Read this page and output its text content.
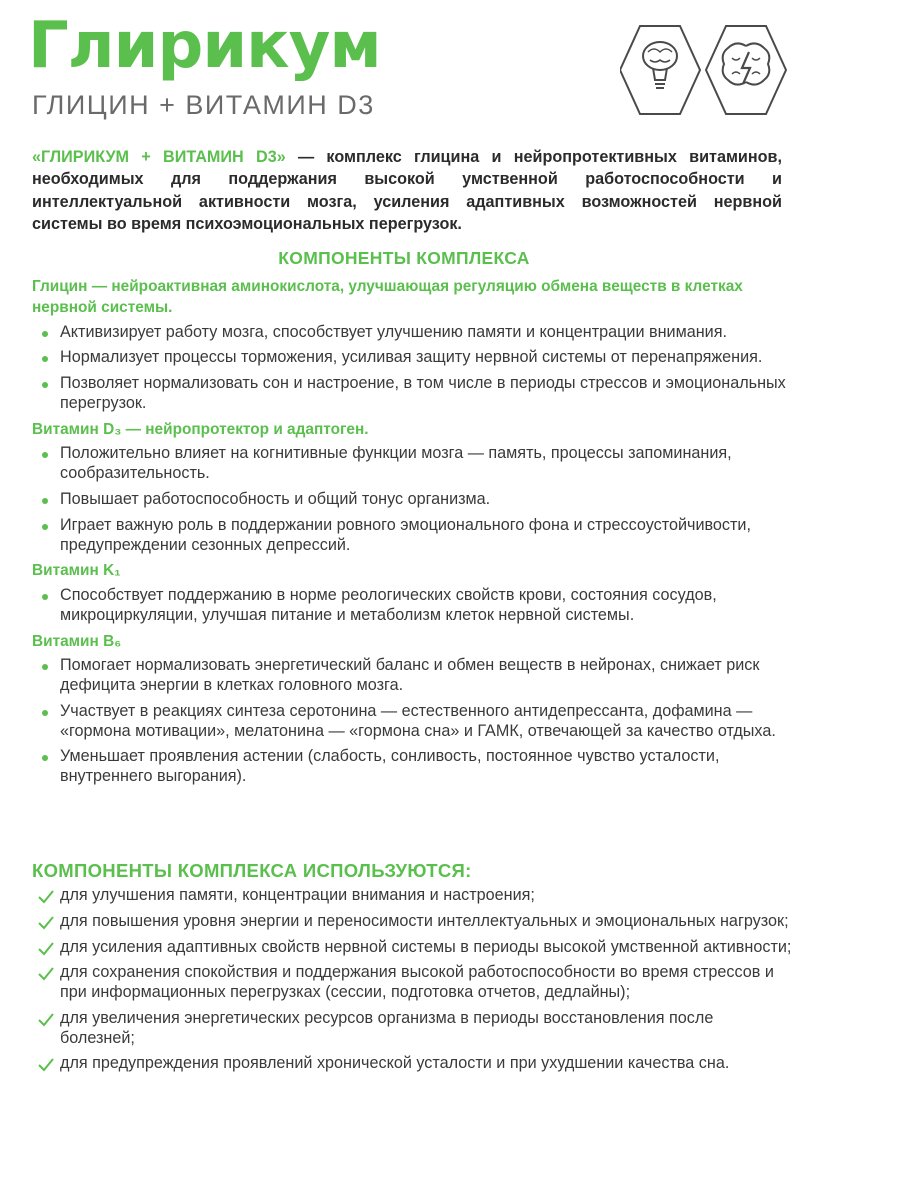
Глирикум
ГЛИЦИН + ВИТАМИН D3
«ГЛИРИКУМ + ВИТАМИН D3» — комплекс глицина и нейропротективных витаминов, необходимых для поддержания высокой умственной работоспособности и интеллектуальной активности мозга, усиления адаптивных возможностей нервной системы во время психоэмоциональных перегрузок.
КОМПОНЕНТЫ КОМПЛЕКСА
Глицин — нейроактивная аминокислота, улучшающая регуляцию обмена веществ в клетках нервной системы.
Активизирует работу мозга, способствует улучшению памяти и концентрации внимания.
Нормализует процессы торможения, усиливая защиту нервной системы от перенапряжения.
Позволяет нормализовать сон и настроение, в том числе в периоды стрессов и эмоциональных перегрузок.
Витамин D₃ — нейропротектор и адаптоген.
Положительно влияет на когнитивные функции мозга — память, процессы запоминания, сообразительность.
Повышает работоспособность и общий тонус организма.
Играет важную роль в поддержании ровного эмоционального фона и стрессоустойчивости, предупреждении сезонных депрессий.
Витамин K₁
Способствует поддержанию в норме реологических свойств крови, состояния сосудов, микроциркуляции, улучшая питание и метаболизм клеток нервной системы.
Витамин B₆
Помогает нормализовать энергетический баланс и обмен веществ в нейронах, снижает риск дефицита энергии в клетках головного мозга.
Участвует в реакциях синтеза серотонина — естественного антидепрессанта, дофамина — «гормона мотивации», мелатонина — «гормона сна» и ГАМК, отвечающей за качество отдыха.
Уменьшает проявления астении (слабость, сонливость, постоянное чувство усталости, внутреннего выгорания).
КОМПОНЕНТЫ КОМПЛЕКСА ИСПОЛЬЗУЮТСЯ:
для улучшения памяти, концентрации внимания и настроения;
для повышения уровня энергии и переносимости интеллектуальных и эмоциональных нагрузок;
для усиления адаптивных свойств нервной системы в периоды высокой умственной активности;
для сохранения спокойствия и поддержания высокой работоспособности во время стрессов и при информационных перегрузках (сессии, подготовка отчетов, дедлайны);
для увеличения энергетических ресурсов организма в периоды восстановления после болезней;
для предупреждения проявлений хронической усталости и при ухудшении качества сна.
